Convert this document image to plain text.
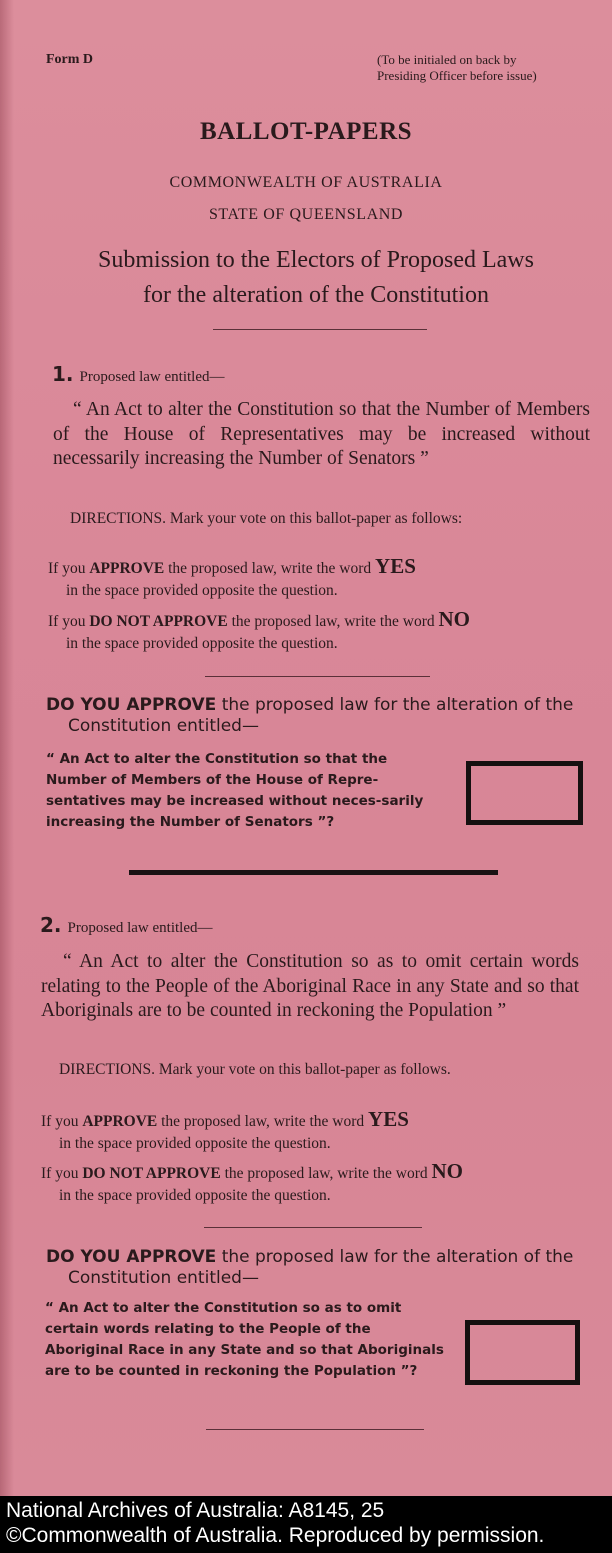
Form D	(To be initialed on back by
Presiding Officer before issue)
BALLOT-PAPERS
COMMONWEALTH OF AUSTRALIA
STATE OF QUEENSLAND
Submission to the Electors of Proposed Laws
for the alteration of the Constitution
1. Proposed law entitled—
“ An Act to alter the Constitution so that the Number of Members of the House of Representatives may be increased without necessarily increasing the Number of Senators ”
DIRECTIONS. Mark your vote on this ballot-paper as follows:
If you APPROVE the proposed law, write the word YES
in the space provided opposite the question.
If you DO NOT APPROVE the proposed law, write the word NO
in the space provided opposite the question.
DO YOU APPROVE the proposed law for the alteration of the Constitution entitled—
“ An Act to alter the Constitution so that the Number of Members of the House of Repre-sentatives may be increased without neces-sarily increasing the Number of Senators ”?
2. Proposed law entitled—
“ An Act to alter the Constitution so as to omit certain words relating to the People of the Aboriginal Race in any State and so that Aboriginals are to be counted in reckoning the Population ”
DIRECTIONS. Mark your vote on this ballot-paper as follows.
If you APPROVE the proposed law, write the word YES
in the space provided opposite the question.
If you DO NOT APPROVE the proposed law, write the word NO
in the space provided opposite the question.
DO YOU APPROVE the proposed law for the alteration of the Constitution entitled—
“ An Act to alter the Constitution so as to omit certain words relating to the People of the Aboriginal Race in any State and so that Aboriginals are to be counted in reckoning the Population ”?
National Archives of Australia: A8145, 25
©Commonwealth of Australia. Reproduced by permission.
